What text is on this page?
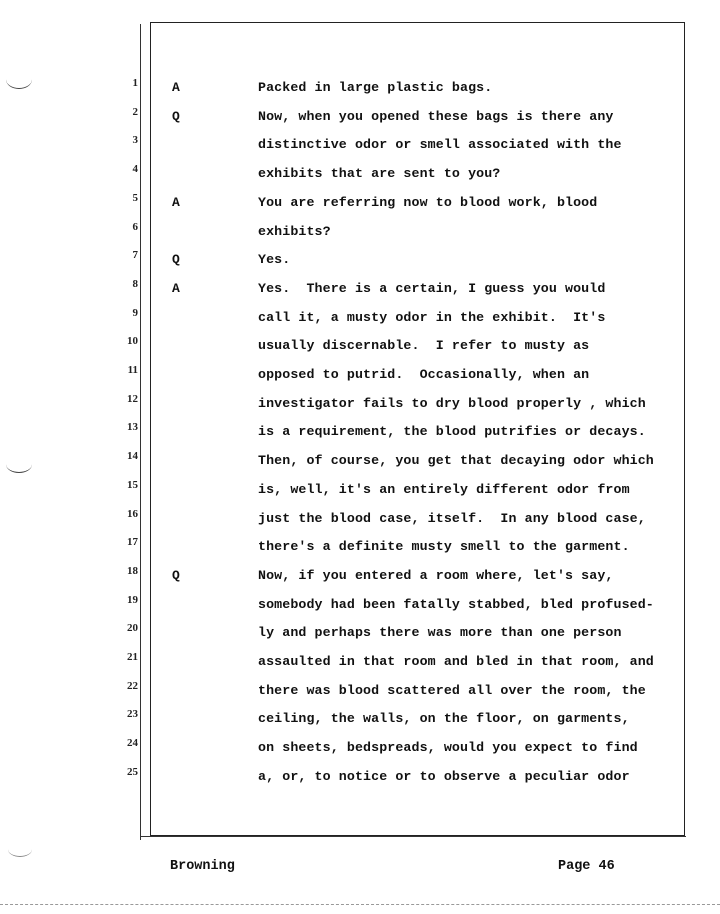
1
2
3
4
5
6
7
8
9
10
11
12
13
14
15
16
17
18
19
20
21
22
23
24
25
A	Packed in large plastic bags.
Q	Now, when you opened these bags is there any
distinctive odor or smell associated with the
exhibits that are sent to you?
A	You are referring now to blood work, blood
exhibits?
Q	Yes.
A	Yes.  There is a certain, I guess you would
call it, a musty odor in the exhibit.  It's
usually discernable.  I refer to musty as
opposed to putrid.  Occasionally, when an
investigator fails to dry blood properly , which
is a requirement, the blood putrifies or decays.
Then, of course, you get that decaying odor which
is, well, it's an entirely different odor from
just the blood case, itself.  In any blood case,
there's a definite musty smell to the garment.
Q	Now, if you entered a room where, let's say,
somebody had been fatally stabbed, bled profused-
ly and perhaps there was more than one person
assaulted in that room and bled in that room, and
there was blood scattered all over the room, the
ceiling, the walls, on the floor, on garments,
on sheets, bedspreads, would you expect to find
a, or, to notice or to observe a peculiar odor
Browning	Page 46
